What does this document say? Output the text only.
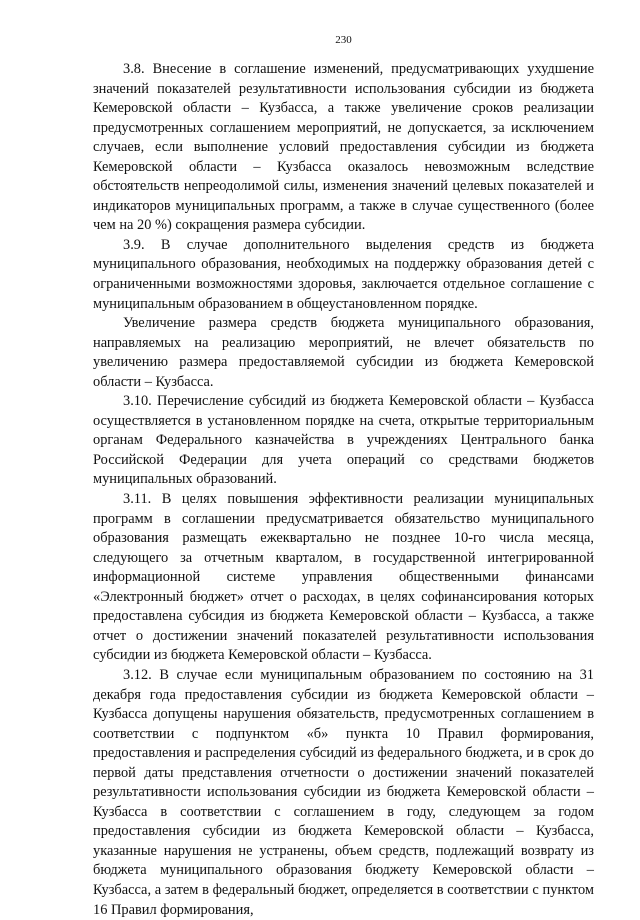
230

3.8. Внесение в соглашение изменений, предусматривающих ухудшение значений показателей результативности использования субсидии из бюджета Кемеровской области – Кузбасса, а также увеличение сроков реализации предусмотренных соглашением мероприятий, не допускается, за исключением случаев, если выполнение условий предоставления субсидии из бюджета Кемеровской области – Кузбасса оказалось невозможным вследствие обстоятельств непреодолимой силы, изменения значений целевых показателей и индикаторов муниципальных программ, а также в случае существенного (более чем на 20 %) сокращения размера субсидии.

3.9. В случае дополнительного выделения средств из бюджета муниципального образования, необходимых на поддержку образования детей с ограниченными возможностями здоровья, заключается отдельное соглашение с муниципальным образованием в общеустановленном порядке.

Увеличение размера средств бюджета муниципального образования, направляемых на реализацию мероприятий, не влечет обязательств по увеличению размера предоставляемой субсидии из бюджета Кемеровской области – Кузбасса.

3.10. Перечисление субсидий из бюджета Кемеровской области – Кузбасса осуществляется в установленном порядке на счета, открытые территориальным органам Федерального казначейства в учреждениях Центрального банка Российской Федерации для учета операций со средствами бюджетов муниципальных образований.

3.11. В целях повышения эффективности реализации муниципальных программ в соглашении предусматривается обязательство муниципального образования размещать ежеквартально не позднее 10-го числа месяца, следующего за отчетным кварталом, в государственной интегрированной информационной системе управления общественными финансами «Электронный бюджет» отчет о расходах, в целях софинансирования которых предоставлена субсидия из бюджета Кемеровской области – Кузбасса, а также отчет о достижении значений показателей результативности использования субсидии из бюджета Кемеровской области – Кузбасса.

3.12. В случае если муниципальным образованием по состоянию на 31 декабря года предоставления субсидии из бюджета Кемеровской области – Кузбасса допущены нарушения обязательств, предусмотренных соглашением в соответствии с подпунктом «б» пункта 10 Правил формирования, предоставления и распределения субсидий из федерального бюджета, и в срок до первой даты представления отчетности о достижении значений показателей результативности использования субсидии из бюджета Кемеровской области – Кузбасса в соответствии с соглашением в году, следующем за годом предоставления субсидии из бюджета Кемеровской области – Кузбасса, указанные нарушения не устранены, объем средств, подлежащий возврату из бюджета муниципального образования бюджету Кемеровской области – Кузбасса, а затем в федеральный бюджет, определяется в соответствии с пунктом 16 Правил формирования,
